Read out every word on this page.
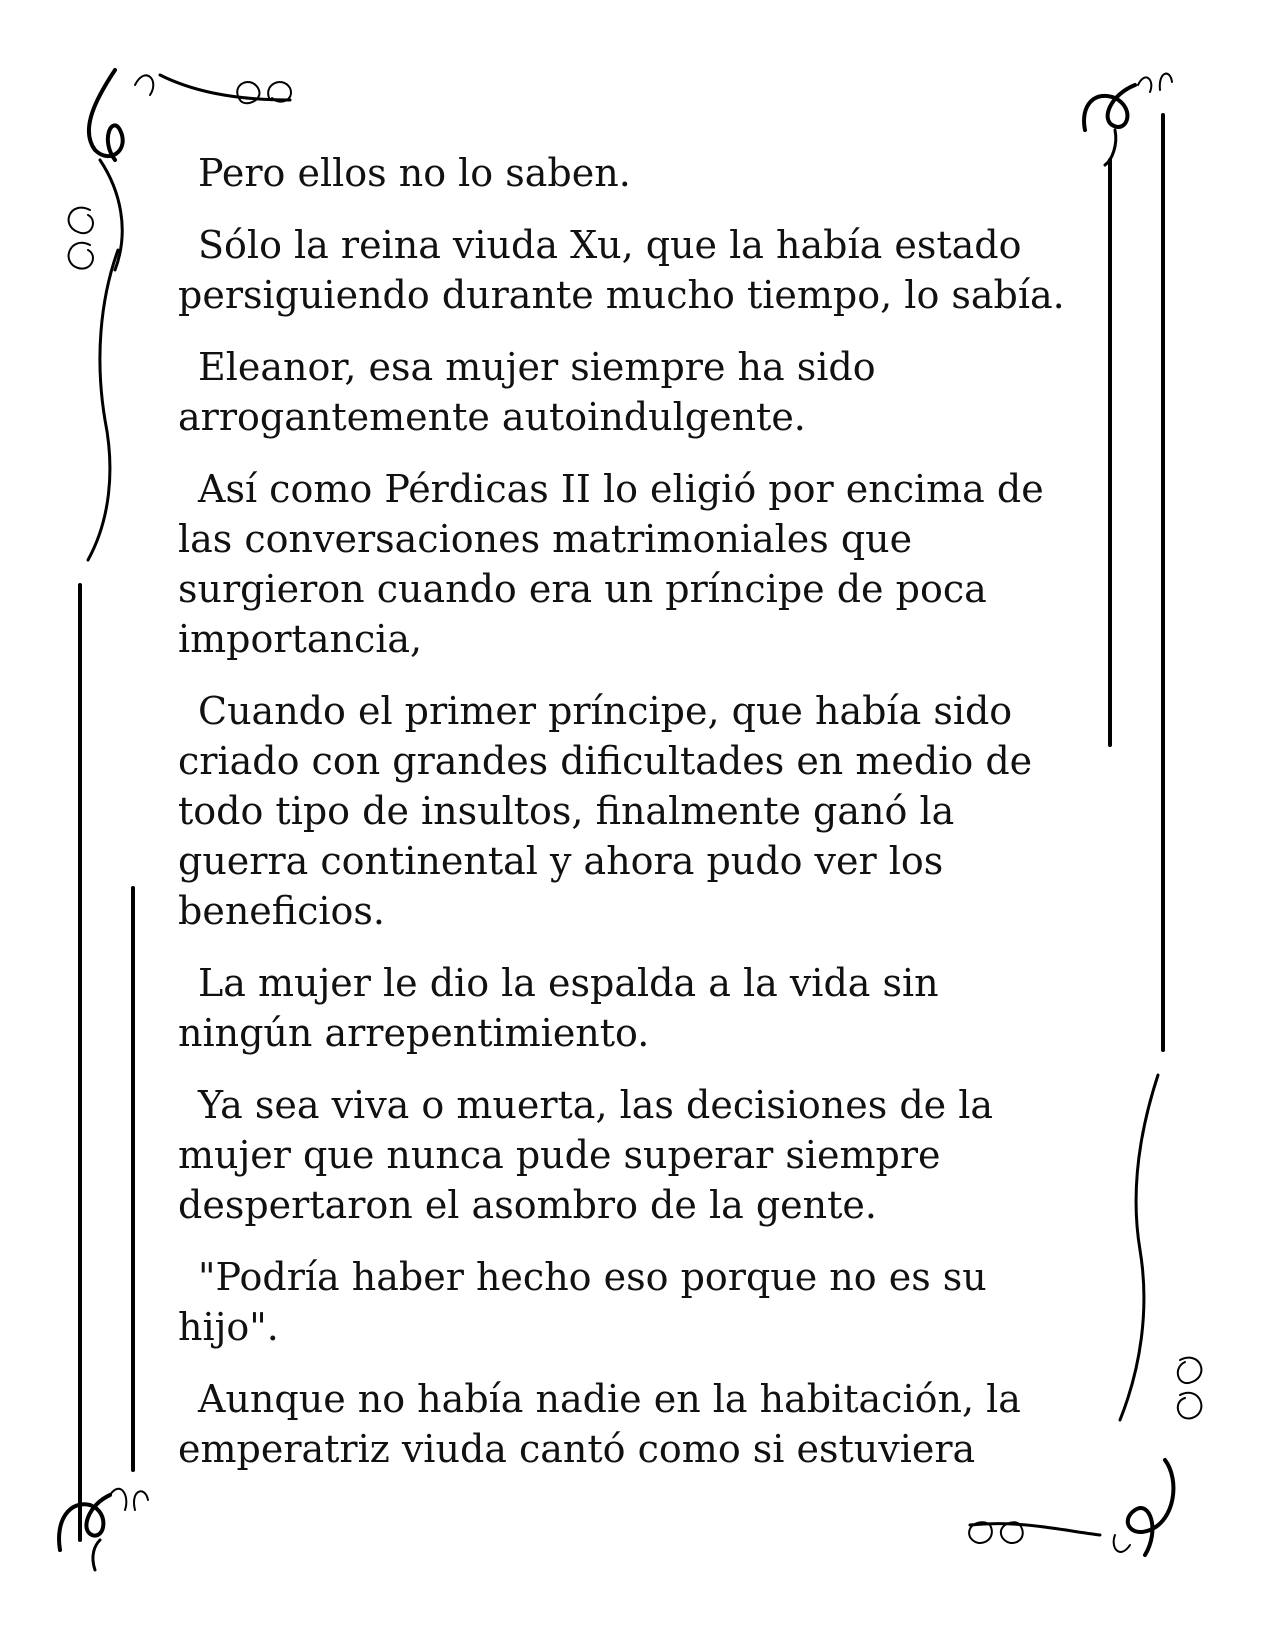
Pero ellos no lo saben.

Sólo la reina viuda Xu, que la había estado persiguiendo durante mucho tiempo, lo sabía.

Eleanor, esa mujer siempre ha sido arrogantemente autoindulgente.

Así como Pérdicas II lo eligió por encima de las conversaciones matrimoniales que surgieron cuando era un príncipe de poca importancia,

Cuando el primer príncipe, que había sido criado con grandes dificultades en medio de todo tipo de insultos, finalmente ganó la guerra continental y ahora pudo ver los beneficios.

La mujer le dio la espalda a la vida sin ningún arrepentimiento.

Ya sea viva o muerta, las decisiones de la mujer que nunca pude superar siempre despertaron el asombro de la gente.

"Podría haber hecho eso porque no es su hijo".

Aunque no había nadie en la habitación, la emperatriz viuda cantó como si estuviera
